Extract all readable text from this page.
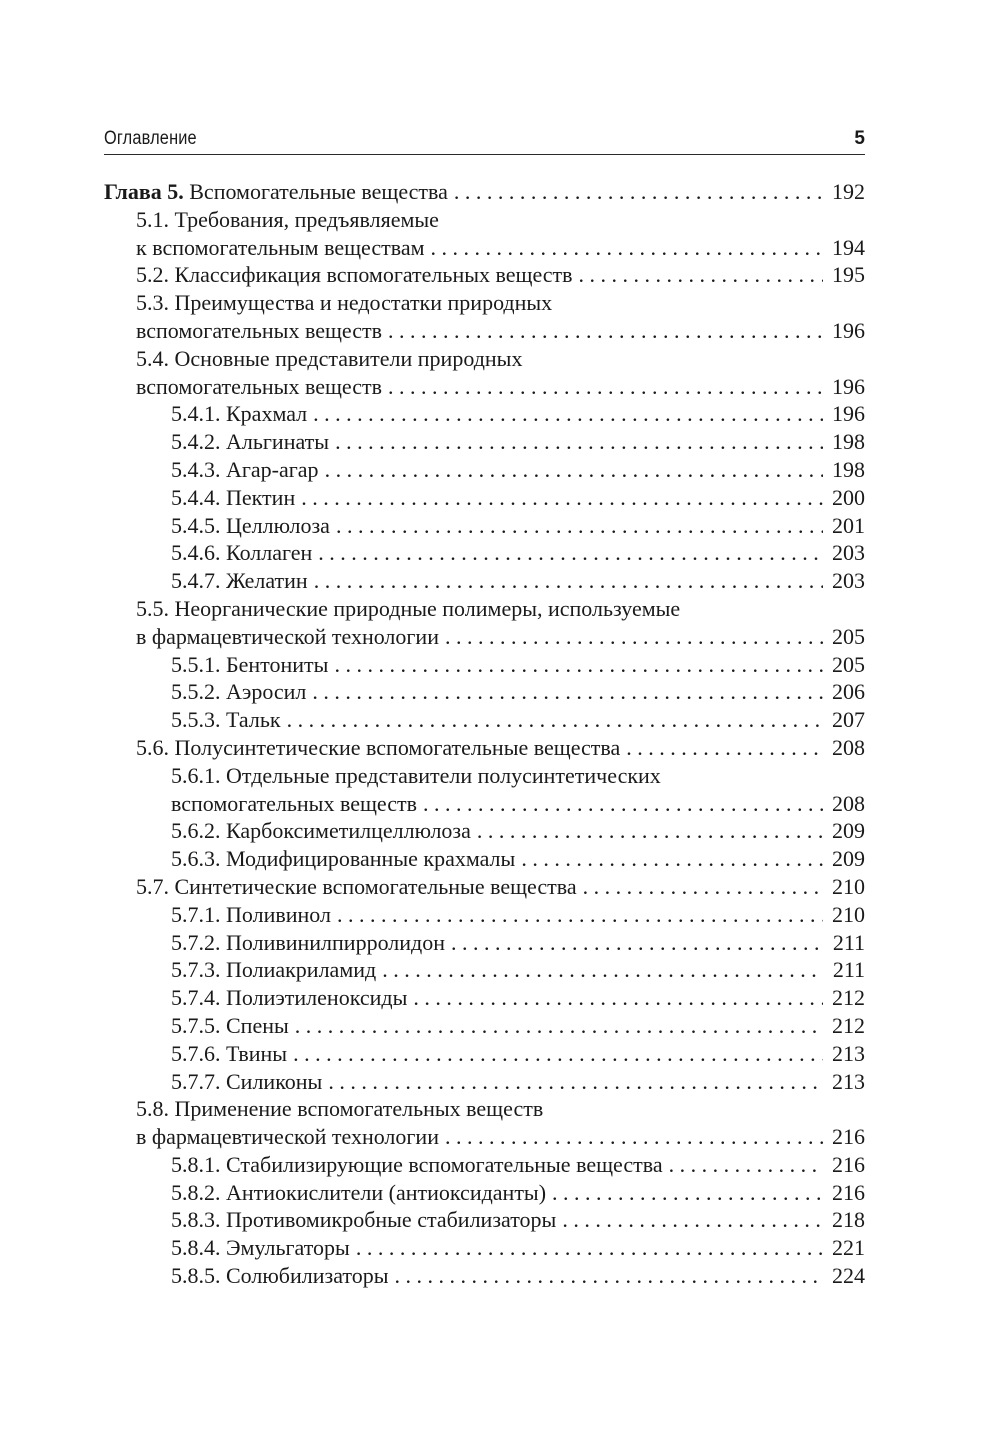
Оглавление	5
Глава 5. Вспомогательные вещества . . .	192
5.1. Требования, предъявляемые
к вспомогательным веществам . . .	194
5.2. Классификация вспомогательных веществ . . .	195
5.3. Преимущества и недостатки природных
вспомогательных веществ . . .	196
5.4. Основные представители природных
вспомогательных веществ . . .	196
5.4.1. Крахмал . . .	196
5.4.2. Альгинаты . . .	198
5.4.3. Агар-агар . . .	198
5.4.4. Пектин . . .	200
5.4.5. Целлюлоза . . .	201
5.4.6. Коллаген . . .	203
5.4.7. Желатин . . .	203
5.5. Неорганические природные полимеры, используемые
в фармацевтической технологии . . .	205
5.5.1. Бентониты . . .	205
5.5.2. Аэросил . . .	206
5.5.3. Тальк . . .	207
5.6. Полусинтетические вспомогательные вещества . . .	208
5.6.1. Отдельные представители полусинтетических
вспомогательных веществ . . .	208
5.6.2. Карбоксиметилцеллюлоза . . .	209
5.6.3. Модифицированные крахмалы . . .	209
5.7. Синтетические вспомогательные вещества . . .	210
5.7.1. Поливинол . . .	210
5.7.2. Поливинилпирролидон . . .	211
5.7.3. Полиакриламид . . .	211
5.7.4. Полиэтиленоксиды . . .	212
5.7.5. Спены . . .	212
5.7.6. Твины . . .	213
5.7.7. Силиконы . . .	213
5.8. Применение вспомогательных веществ
в фармацевтической технологии . . .	216
5.8.1. Стабилизирующие вспомогательные вещества . . .	216
5.8.2. Антиокислители (антиоксиданты) . . .	216
5.8.3. Противомикробные стабилизаторы . . .	218
5.8.4. Эмульгаторы . . .	221
5.8.5. Солюбилизаторы . . .	224
